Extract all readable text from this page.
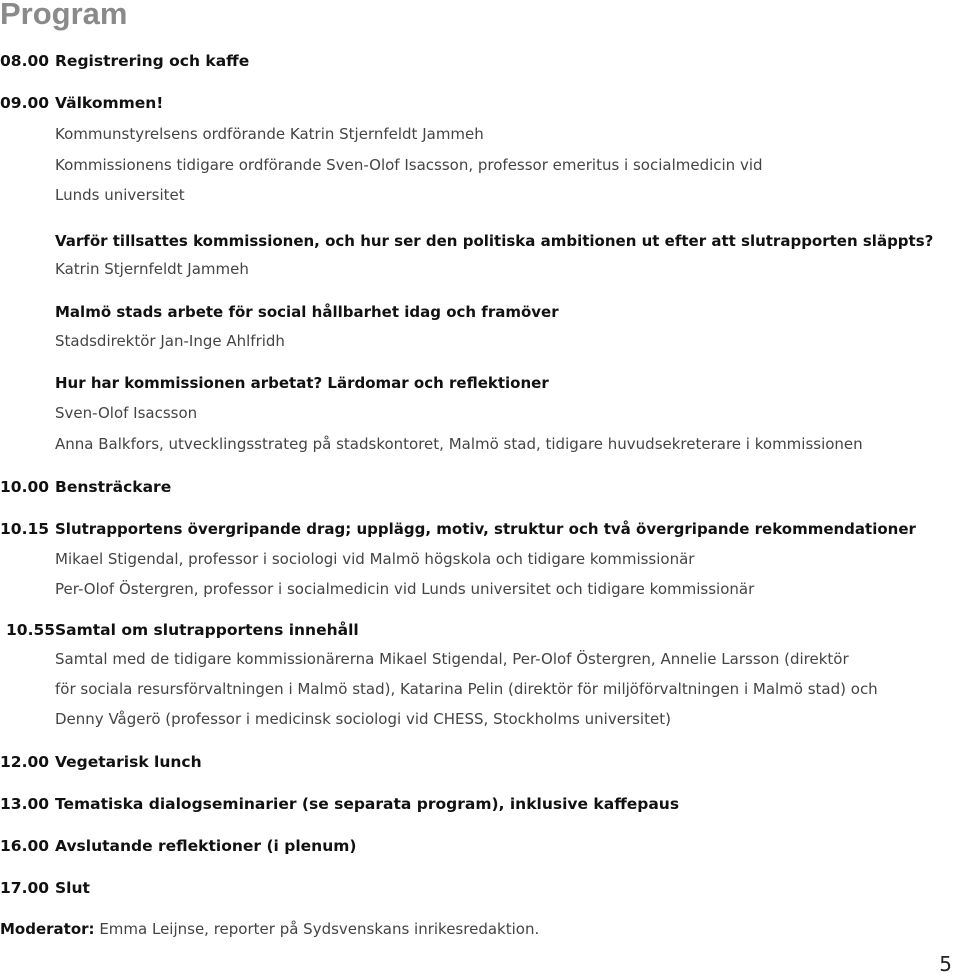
Program
08.00 Registrering och kaffe
09.00 Välkommen!
Kommunstyrelsens ordförande Katrin Stjernfeldt Jammeh
Kommissionens tidigare ordförande Sven-Olof Isacsson, professor emeritus i socialmedicin vid
Lunds universitet
Varför tillsattes kommissionen, och hur ser den politiska ambitionen ut efter att slutrapporten släppts?
Katrin Stjernfeldt Jammeh
Malmö stads arbete för social hållbarhet idag och framöver
Stadsdirektör Jan-Inge Ahlfridh
Hur har kommissionen arbetat? Lärdomar och reflektioner
Sven-Olof Isacsson
Anna Balkfors, utvecklingsstrateg på stadskontoret, Malmö stad, tidigare huvudsekreterare i kommissionen
10.00 Bensträckare
10.15 Slutrapportens övergripande drag; upplägg, motiv, struktur och två övergripande rekommendationer
Mikael Stigendal, professor i sociologi vid Malmö högskola och tidigare kommissionär
Per-Olof Östergren, professor i socialmedicin vid Lunds universitet och tidigare kommissionär
10.55 Samtal om slutrapportens innehåll
Samtal med de tidigare kommissionärerna Mikael Stigendal, Per-Olof Östergren, Annelie Larsson (direktör
för sociala resursförvaltningen i Malmö stad), Katarina Pelin (direktör för miljöförvaltningen i Malmö stad) och
Denny Vågerö (professor i medicinsk sociologi vid CHESS, Stockholms universitet)
12.00 Vegetarisk lunch
13.00 Tematiska dialogseminarier (se separata program), inklusive kaffepaus
16.00 Avslutande reflektioner (i plenum)
17.00 Slut
Moderator: Emma Leijnse, reporter på Sydsvenskans inrikesredaktion.
5
